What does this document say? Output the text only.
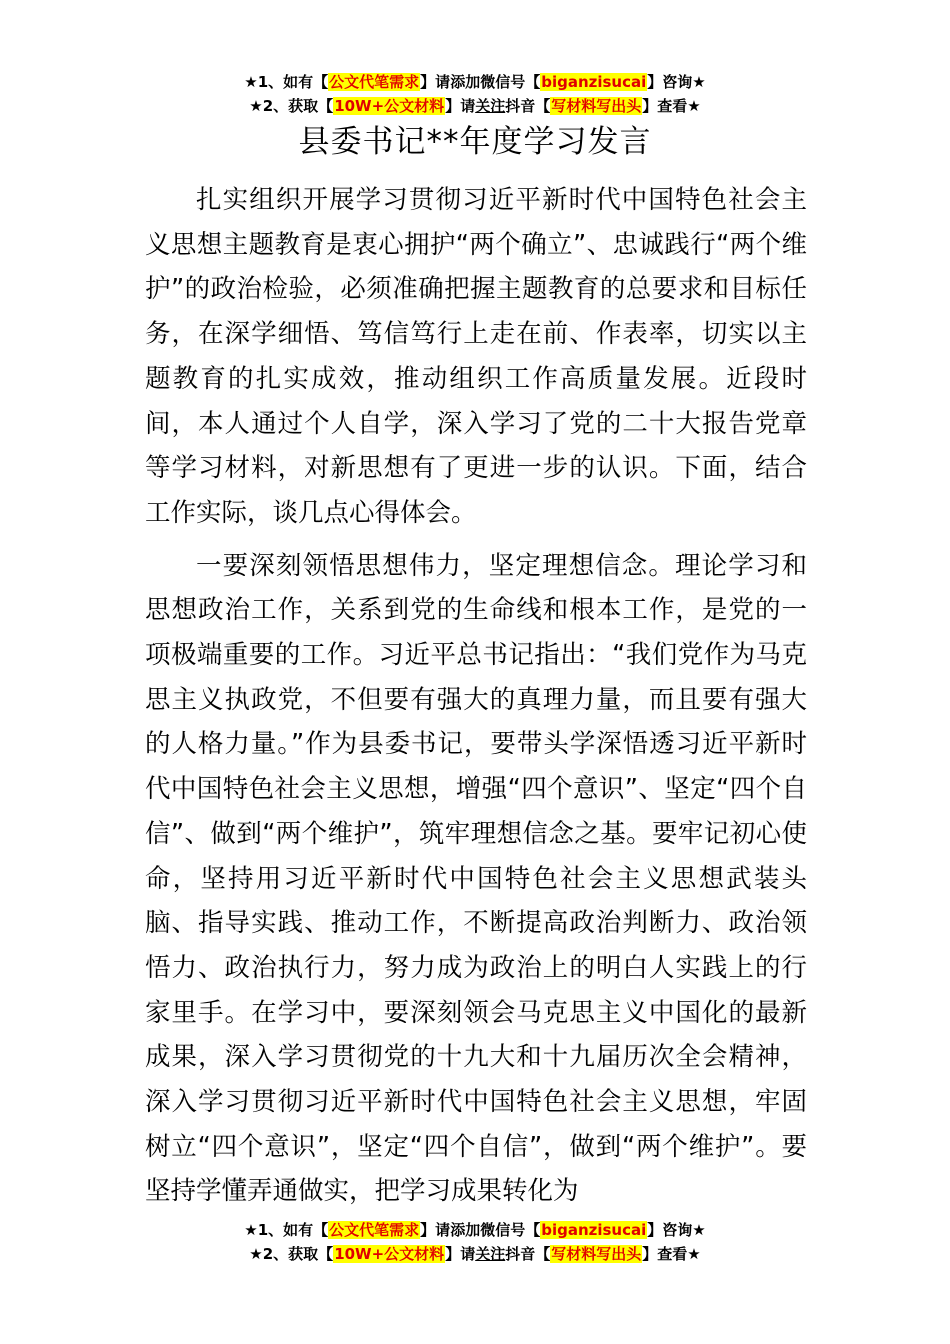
★1、如有【公文代笔需求】请添加微信号【biganzisucai】咨询★
★2、获取【10W+公文材料】请关注抖音【写材料写出头】查看★
县委书记**年度学习发言

扎实组织开展学习贯彻习近平新时代中国特色社会主义思想主题教育是衷心拥护“两个确立”、忠诚践行“两个维护”的政治检验，必须准确把握主题教育的总要求和目标任务，在深学细悟、笃信笃行上走在前、作表率，切实以主题教育的扎实成效，推动组织工作高质量发展。近段时间，本人通过个人自学，深入学习了党的二十大报告党章等学习材料，对新思想有了更进一步的认识。下面，结合工作实际，谈几点心得体会。

一要深刻领悟思想伟力，坚定理想信念。理论学习和思想政治工作，关系到党的生命线和根本工作，是党的一项极端重要的工作。习近平总书记指出：“我们党作为马克思主义执政党，不但要有强大的真理力量，而且要有强大的人格力量。”作为县委书记，要带头学深悟透习近平新时代中国特色社会主义思想，增强“四个意识”、坚定“四个自信”、做到“两个维护”，筑牢理想信念之基。要牢记初心使命，坚持用习近平新时代中国特色社会主义思想武装头脑、指导实践、推动工作，不断提高政治判断力、政治领悟力、政治执行力，努力成为政治上的明白人实践上的行家里手。在学习中，要深刻领会马克思主义中国化的最新成果，深入学习贯彻党的十九大和十九届历次全会精神，深入学习贯彻习近平新时代中国特色社会主义思想，牢固树立“四个意识”，坚定“四个自信”，做到“两个维护”。要坚持学懂弄通做实，把学习成果转化为

★1、如有【公文代笔需求】请添加微信号【biganzisucai】咨询★
★2、获取【10W+公文材料】请关注抖音【写材料写出头】查看★
